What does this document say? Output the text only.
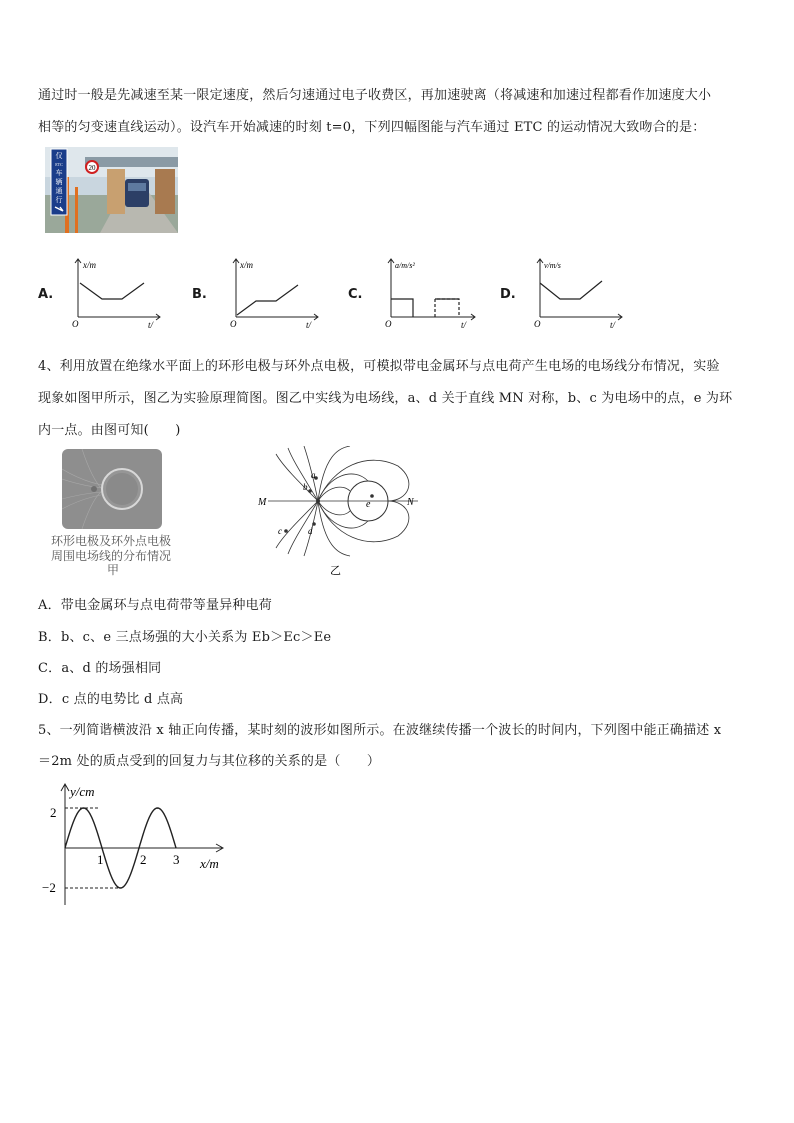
通过时一般是先减速至某一限定速度，然后匀速通过电子收费区，再加速驶离（将减速和加速过程都看作加速度大小
相等的匀变速直线运动）。设汽车开始减速的时刻 t=0，下列四幅图能与汽车通过 ETC 的运动情况大致吻合的是：
20
仅
ETC
车
辆
通
行
A.
x/m
O	t/
B.
x/m
O	t/
C.
a/m/s²
O	t/
D.
v/m/s
O	t/
4、利用放置在绝缘水平面上的环形电极与环外点电极，可模拟带电金属环与点电荷产生电场的电场线分布情况，实验
现象如图甲所示，图乙为实验原理简图。图乙中实线为电场线，a、d 关于直线 MN 对称，b、c 为电场中的点，e 为环
内一点。由图可知(　　)
环形电极及环外点电极
周围电场线的分布情况
甲
M	N
a
b
c	d
e
乙
A．带电金属环与点电荷带等量异种电荷
B．b、c、e 三点场强的大小关系为 Eb＞Ec＞Ee
C．a、d 的场强相同
D．c 点的电势比 d 点高
5、一列简谐横波沿 x 轴正向传播，某时刻的波形如图所示。在波继续传播一个波长的时间内，下列图中能正确描述 x
＝2m 处的质点受到的回复力与其位移的关系的是（　　）
y/cm
x/m
2
−2
1	2 3
